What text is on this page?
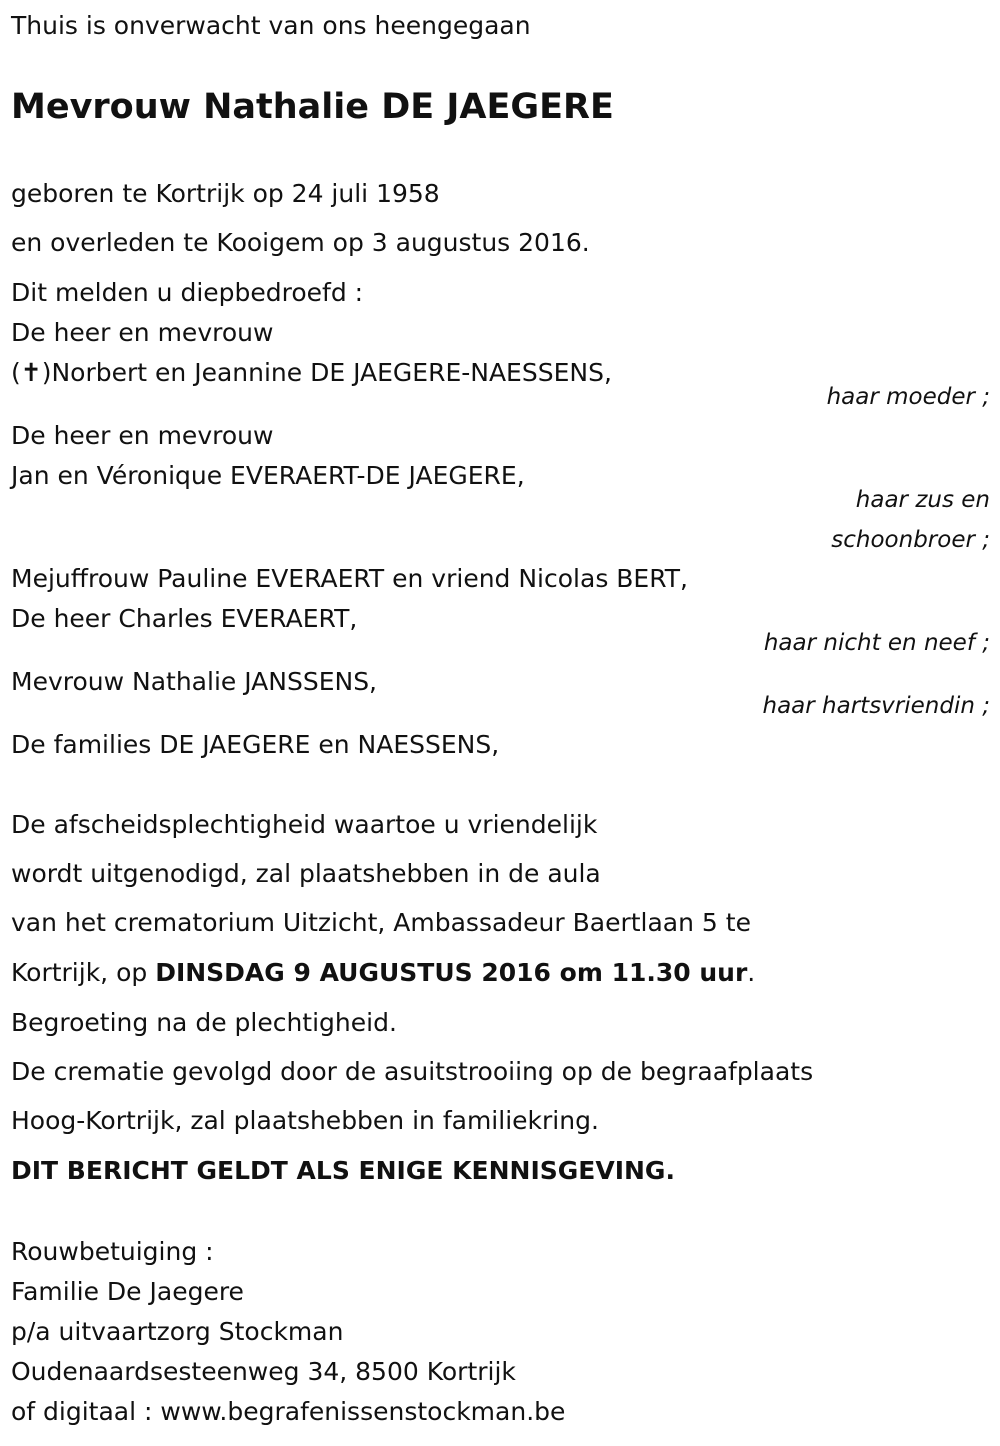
Thuis is onverwacht van ons heengegaan
Mevrouw Nathalie DE JAEGERE
geboren te Kortrijk op 24 juli 1958
en overleden te Kooigem op 3 augustus 2016.
Dit melden u diepbedroefd :
De heer en mevrouw
(✝)Norbert en Jeannine DE JAEGERE-NAESSENS,
haar moeder ;
De heer en mevrouw
Jan en Véronique EVERAERT-DE JAEGERE,
haar zus en
schoonbroer ;
Mejuffrouw Pauline EVERAERT en vriend Nicolas BERT,
De heer Charles EVERAERT,
haar nicht en neef ;
Mevrouw Nathalie JANSSENS,
haar hartsvriendin ;
De families DE JAEGERE en NAESSENS,
De afscheidsplechtigheid waartoe u vriendelijk
wordt uitgenodigd, zal plaatshebben in de aula
van het crematorium Uitzicht, Ambassadeur Baertlaan 5 te
Kortrijk, op DINSDAG 9 AUGUSTUS 2016 om 11.30 uur.
Begroeting na de plechtigheid.
De crematie gevolgd door de asuitstrooiing op de begraafplaats
Hoog-Kortrijk, zal plaatshebben in familiekring.
DIT BERICHT GELDT ALS ENIGE KENNISGEVING.
Rouwbetuiging :
Familie De Jaegere
p/a uitvaartzorg Stockman
Oudenaardsesteenweg 34, 8500 Kortrijk
of digitaal : www.begrafenissenstockman.be
